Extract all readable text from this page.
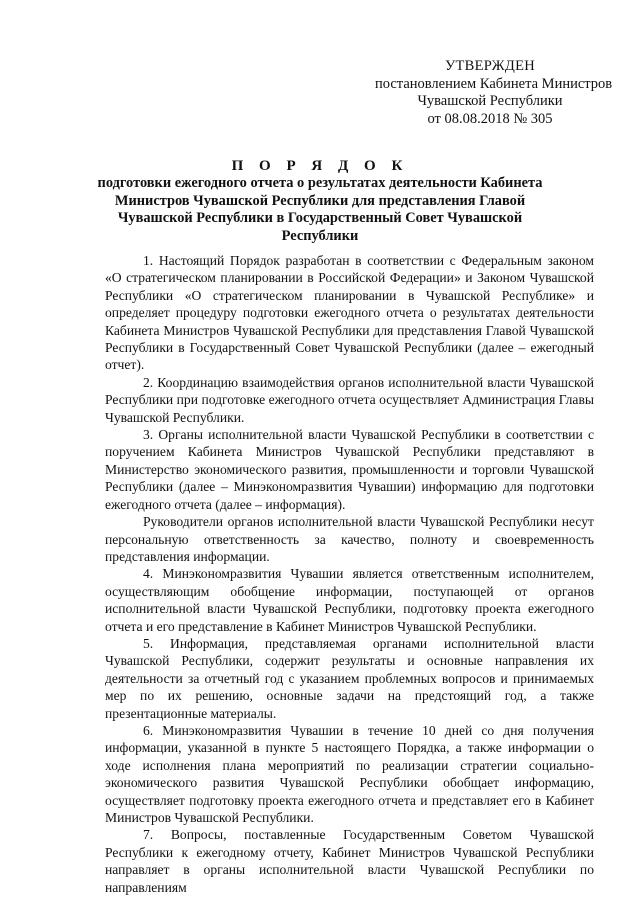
УТВЕРЖДЕН
постановлением Кабинета Министров
Чувашской Республики
от 08.08.2018 № 305
П О Р Я Д О К
подготовки ежегодного отчета о результатах деятельности Кабинета Министров Чувашской Республики для представления Главой Чувашской Республики в Государственный Совет Чувашской Республики

1. Настоящий Порядок разработан в соответствии с Федеральным законом «О стратегическом планировании в Российской Федерации» и Законом Чувашской Республики «О стратегическом планировании в Чувашской Республике» и определяет процедуру подготовки ежегодного отчета о результатах деятельности Кабинета Министров Чувашской Республики для представления Главой Чувашской Республики в Государственный Совет Чувашской Республики (далее – ежегодный отчет).

2. Координацию взаимодействия органов исполнительной власти Чувашской Республики при подготовке ежегодного отчета осуществляет Администрация Главы Чувашской Республики.

3. Органы исполнительной власти Чувашской Республики в соответствии с поручением Кабинета Министров Чувашской Республики представляют в Министерство экономического развития, промышленности и торговли Чувашской Республики (далее – Минэкономразвития Чувашии) информацию для подготовки ежегодного отчета (далее – информация).

Руководители органов исполнительной власти Чувашской Республики несут персональную ответственность за качество, полноту и своевременность представления информации.

4. Минэкономразвития Чувашии является ответственным исполнителем, осуществляющим обобщение информации, поступающей от органов исполнительной власти Чувашской Республики, подготовку проекта ежегодного отчета и его представление в Кабинет Министров Чувашской Республики.

5. Информация, представляемая органами исполнительной власти Чувашской Республики, содержит результаты и основные направления их деятельности за отчетный год с указанием проблемных вопросов и принимаемых мер по их решению, основные задачи на предстоящий год, а также презентационные материалы.

6. Минэкономразвития Чувашии в течение 10 дней со дня получения информации, указанной в пункте 5 настоящего Порядка, а также информации о ходе исполнения плана мероприятий по реализации стратегии социально-экономического развития Чувашской Республики обобщает информацию, осуществляет подготовку проекта ежегодного отчета и представляет его в Кабинет Министров Чувашской Республики.

7. Вопросы, поставленные Государственным Советом Чувашской Республики к ежегодному отчету, Кабинет Министров Чувашской Республики направляет в органы исполнительной власти Чувашской Республики по направлениям
